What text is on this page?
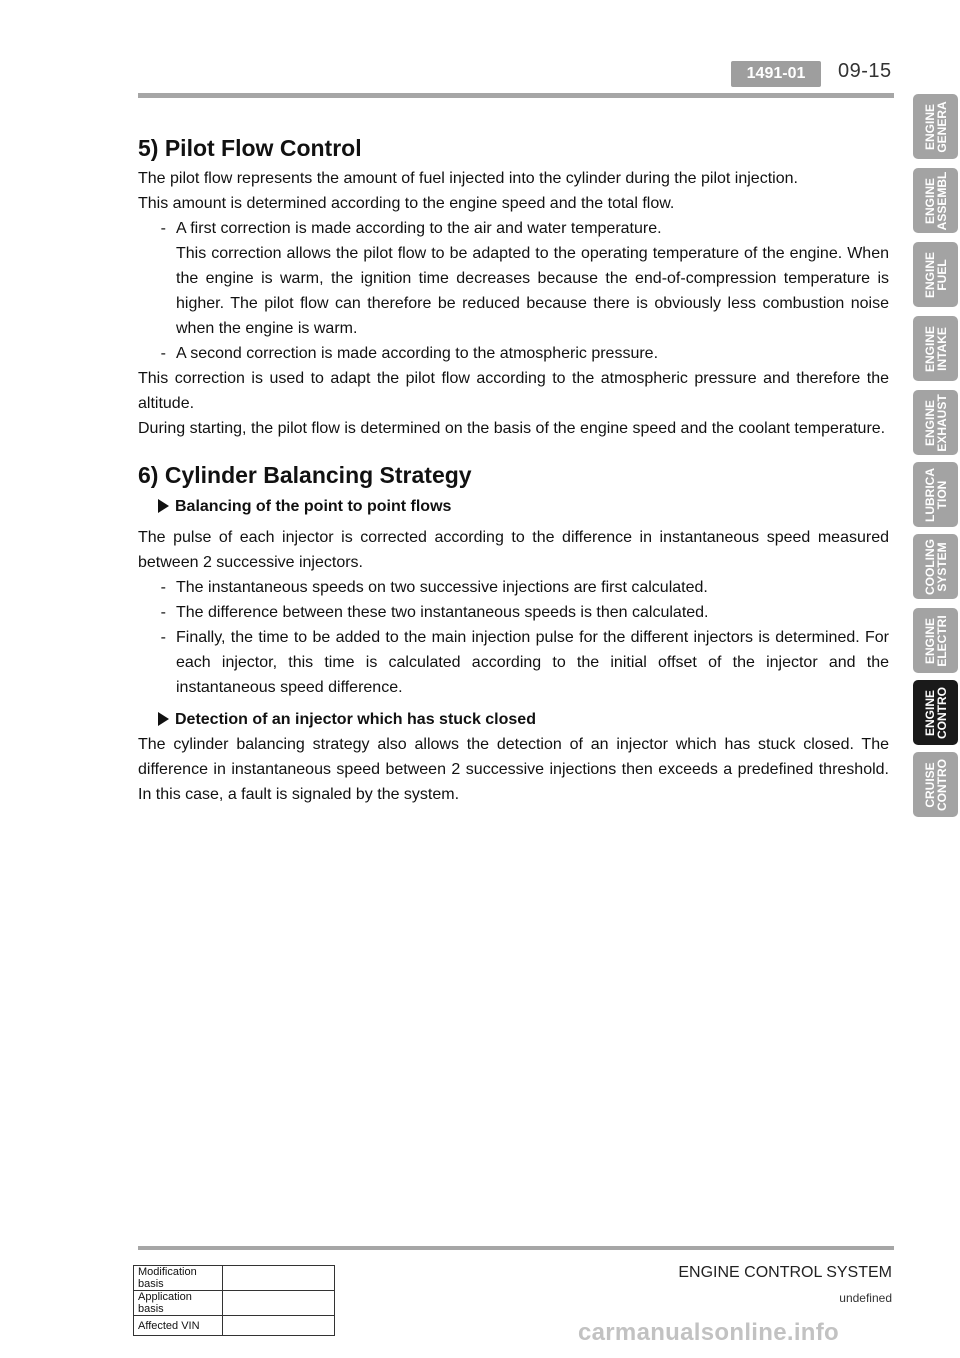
1491-01	09-15
5) Pilot Flow Control

The pilot flow represents the amount of fuel injected into the cylinder during the pilot injection.

This amount is determined according to the engine speed and the total flow.

- A first correction is made according to the air and water temperature.
This correction allows the pilot flow to be adapted to the operating temperature of the engine. When the engine is warm, the ignition time decreases because the end-of-compression temperature is higher. The pilot flow can therefore be reduced because there is obviously less combustion noise when the engine is warm.
- A second correction is made according to the atmospheric pressure.

This correction is used to adapt the pilot flow according to the atmospheric pressure and therefore the altitude.

During starting, the pilot flow is determined on the basis of the engine speed and the coolant temperature.

6) Cylinder Balancing Strategy
Balancing of the point to point flows

The pulse of each injector is corrected according to the difference in instantaneous speed measured between 2 successive injectors.

- The instantaneous speeds on two successive injections are first calculated.
- The difference between these two instantaneous speeds is then calculated.
- Finally, the time to be added to the main injection pulse for the different injectors is determined. For each injector, this time is calculated according to the initial offset of the injector and the instantaneous speed difference.
Detection of an injector which has stuck closed

The cylinder balancing strategy also allows the detection of an injector which has stuck closed. The difference in instantaneous speed between 2 successive injections then exceeds a predefined threshold. In this case, a fault is signaled by the system.

ENGINE
GENERA
ENGINE
ASSEMBL
ENGINE
FUEL
ENGINE
INTAKE
ENGINE
EXHAUST
LUBRICA
TION
COOLING
SYSTEM
ENGINE
ELECTRI
ENGINE
CONTRO
CRUISE
CONTRO
ENGINE CONTROL SYSTEM
undefined
Modification basis	
Application basis	
Affected VIN		carmanualsonline.info
